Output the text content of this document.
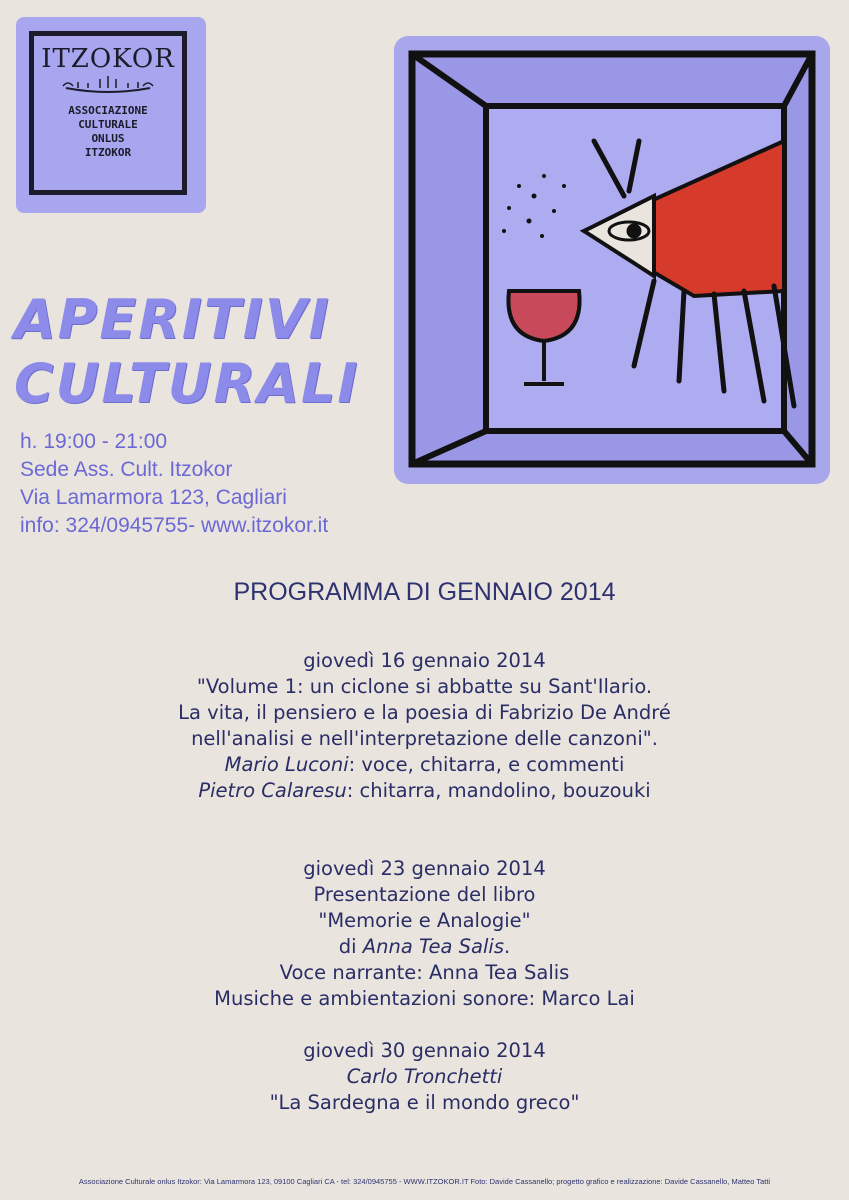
ITZOKOR
ASSOCIAZIONE
CULTURALE
ONLUS
ITZOKOR
APERITIVI
CULTURALI
h. 19:00 - 21:00
Sede Ass. Cult. Itzokor
Via Lamarmora 123, Cagliari
info: 324/0945755- www.itzokor.it
PROGRAMMA DI GENNAIO 2014
giovedì 16 gennaio 2014
"Volume 1: un ciclone si abbatte su Sant'Ilario.
La vita, il pensiero e la poesia di Fabrizio De André
nell'analisi e nell'interpretazione delle canzoni".
Mario Luconi: voce, chitarra, e commenti
Pietro Calaresu: chitarra, mandolino, bouzouki
giovedì 23 gennaio 2014
Presentazione del libro
"Memorie e Analogie"
di Anna Tea Salis.
Voce narrante: Anna Tea Salis
Musiche e ambientazioni sonore: Marco Lai
giovedì 30 gennaio 2014
Carlo Tronchetti
"La Sardegna e il mondo greco"
Associazione Culturale onlus Itzokor: Via Lamarmora 123, 09100 Cagliari CA - tel: 324/0945755 - WWW.ITZOKOR.IT Foto: Davide Cassanello; progetto grafico e realizzazione: Davide Cassanello, Matteo Tatti
